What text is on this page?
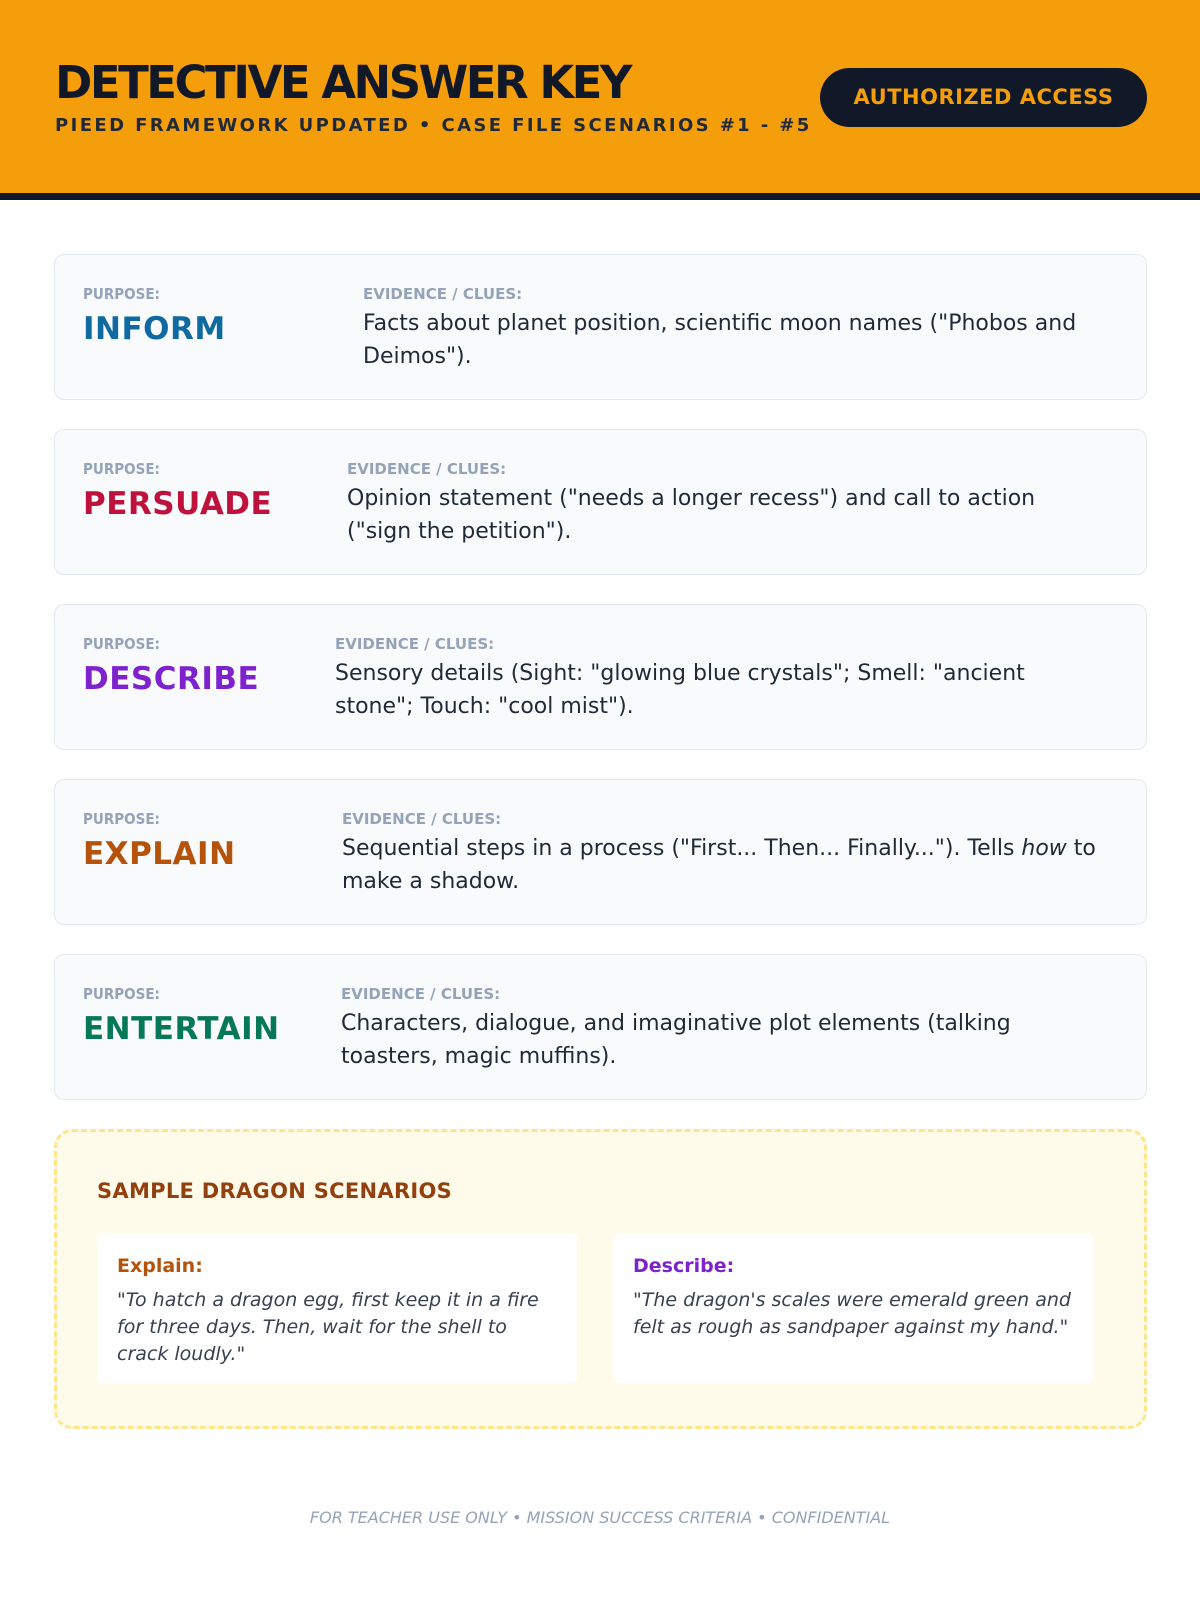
DETECTIVE ANSWER KEY
PIEED FRAMEWORK UPDATED • CASE FILE SCENARIOS #1 - #5
AUTHORIZED ACCESS
PURPOSE:
INFORM
EVIDENCE / CLUES:
Facts about planet position, scientific moon names ("Phobos and Deimos").
PURPOSE:
PERSUADE
EVIDENCE / CLUES:
Opinion statement ("needs a longer recess") and call to action ("sign the petition").
PURPOSE:
DESCRIBE
EVIDENCE / CLUES:
Sensory details (Sight: "glowing blue crystals"; Smell: "ancient stone"; Touch: "cool mist").
PURPOSE:
EXPLAIN
EVIDENCE / CLUES:
Sequential steps in a process ("First... Then... Finally..."). Tells how to make a shadow.
PURPOSE:
ENTERTAIN
EVIDENCE / CLUES:
Characters, dialogue, and imaginative plot elements (talking toasters, magic muffins).
SAMPLE DRAGON SCENARIOS
Explain:
"To hatch a dragon egg, first keep it in a fire for three days. Then, wait for the shell to crack loudly."
Describe:
"The dragon's scales were emerald green and felt as rough as sandpaper against my hand."
FOR TEACHER USE ONLY • MISSION SUCCESS CRITERIA • CONFIDENTIAL
